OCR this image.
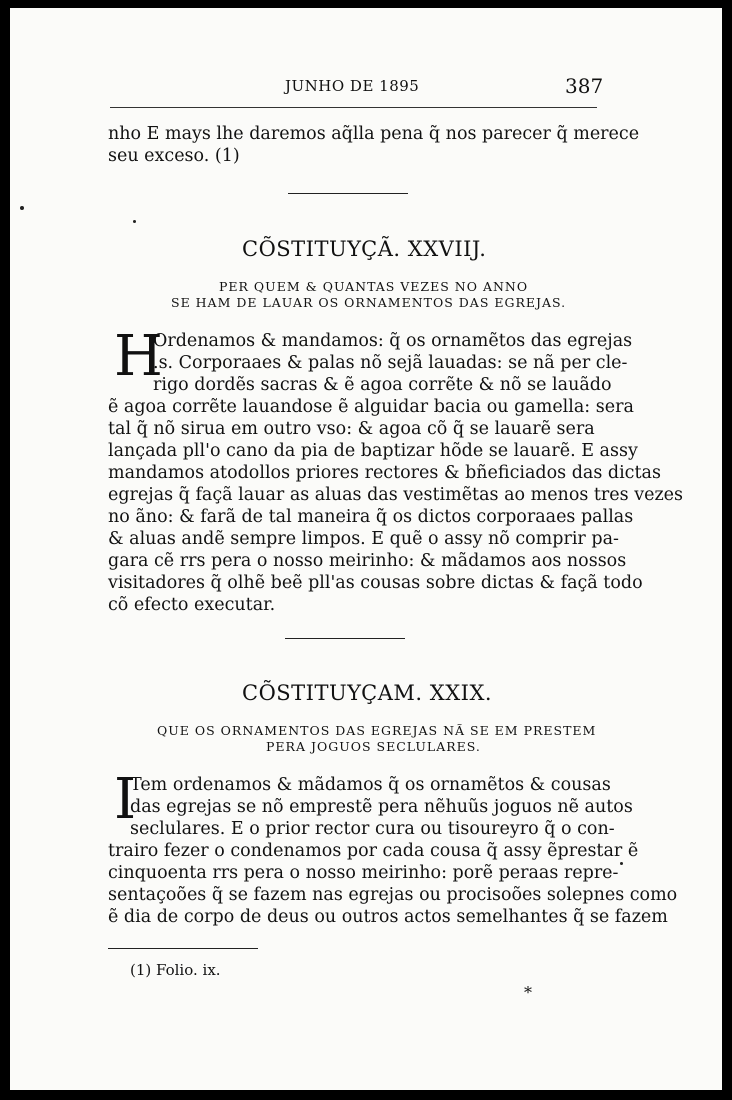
JUNHO DE 1895	387
nho E mays lhe daremos aq̃lla pena q̃ nos parecer q̃ merece
seu exceso. (1)
CÕSTITUYÇÃ. XXVIIJ.
PER QUEM & QUANTAS VEZES NO ANNO
SE HAM DE LAUAR OS ORNAMENTOS DAS EGREJAS.
H
Ordenamos & mandamos: q̃ os ornamẽtos das egrejas
.s. Corporaaes & palas nõ sejã lauadas: se nã per cle-
rigo dordẽs sacras & ẽ agoa corrẽte & nõ se lauãdo
ẽ agoa corrẽte lauandose ẽ alguidar bacia ou gamella: sera
tal q̃ nõ sirua em outro vso: & agoa cõ q̃ se lauarẽ sera
lançada pll'o cano da pia de baptizar hõde se lauarẽ. E assy
mandamos atodollos priores rectores & bñeficiados das dictas
egrejas q̃ façã lauar as aluas das vestimẽtas ao menos tres vezes
no ãno: & farã de tal maneira q̃ os dictos corporaaes pallas
& aluas andẽ sempre limpos. E quẽ o assy nõ comprir pa-
gara cẽ rrs pera o nosso meirinho: & mãdamos aos nossos
visitadores q̃ olhẽ beẽ pll'as cousas sobre dictas & façã todo
cõ efecto executar.
CÕSTITUYÇAM. XXIX.
QUE OS ORNAMENTOS DAS EGREJAS NÃ SE EM PRESTEM
PERA JOGUOS SECLULARES.
I
Tem ordenamos & mãdamos q̃ os ornamẽtos & cousas
das egrejas se nõ emprestẽ pera nẽhuũs joguos nẽ autos
seclulares. E o prior rector cura ou tisoureyro q̃ o con-
trairo fezer o condenamos por cada cousa q̃ assy ẽprestar ẽ
cinquoenta rrs pera o nosso meirinho: porẽ peraas repre-
sentaçoões q̃ se fazem nas egrejas ou procisoões solepnes como
ẽ dia de corpo de deus ou outros actos semelhantes q̃ se fazem
(1) Folio. ix.
*
